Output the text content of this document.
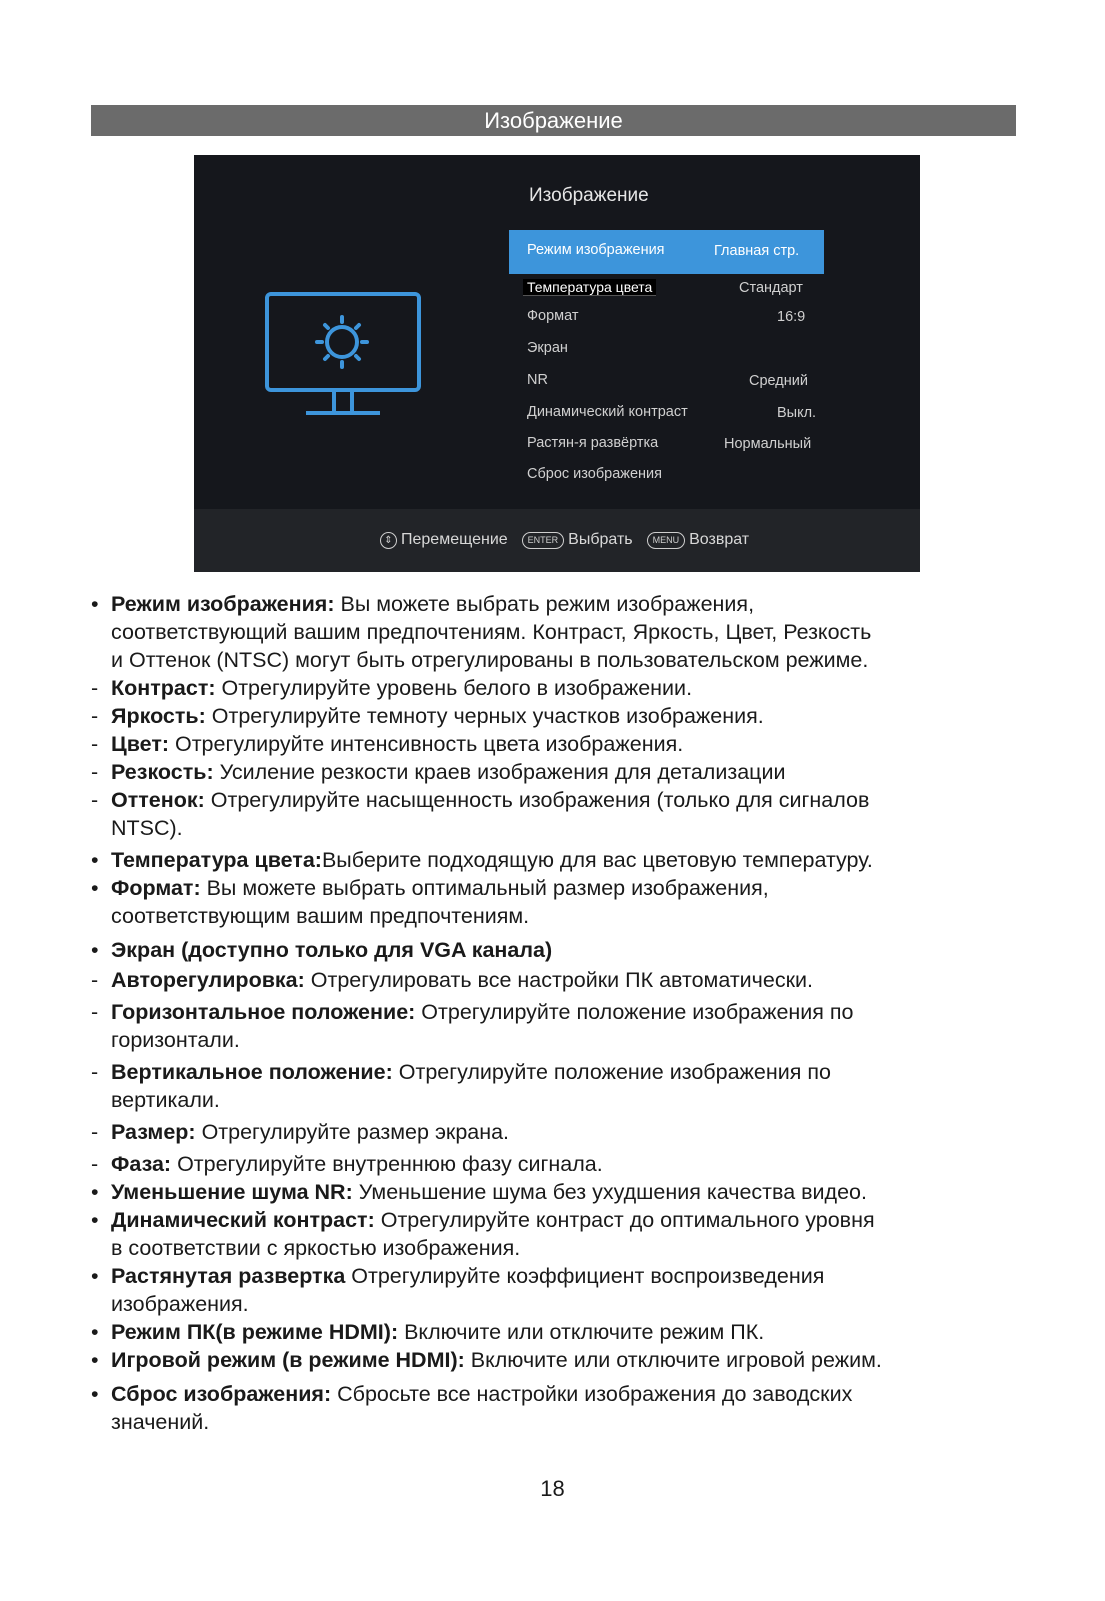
Изображение
Изображение
Режим изображения	Главная стр.
Температура цвета	Стандарт
Формат	16:9
Экран
NR	Средний
Динамический контраст	Выкл.
Растян-я развёртка	Нормальный
Сброс изображения
⇕ Перемещение	ENTER Выбрать	MENU Возврат
• Режим изображения: Вы можете выбрать режим изображения,
соответствующий вашим предпочтениям. Контраст, Яркость, Цвет, Резкость
и Оттенок (NTSC) могут быть отрегулированы в пользовательском режиме.
- Контраст: Отрегулируйте уровень белого в изображении.
- Яркость: Отрегулируйте темноту черных участков изображения.
- Цвет: Отрегулируйте интенсивность цвета изображения.
- Резкость: Усиление резкости краев изображения для детализации
- Оттенок: Отрегулируйте насыщенность изображения (только для сигналов
NTSC).
• Температура цвета:Выберите подходящую для вас цветовую температуру.
• Формат: Вы можете выбрать оптимальный размер изображения,
соответствующим вашим предпочтениям.
• Экран (доступно только для VGA канала)
- Авторегулировка: Отрегулировать все настройки ПК автоматически.
- Горизонтальное положение: Отрегулируйте положение изображения по
горизонтали.
- Вертикальное положение: Отрегулируйте положение изображения по
вертикали.
- Размер: Отрегулируйте размер экрана.
- Фаза: Отрегулируйте внутреннюю фазу сигнала.
• Уменьшение шума NR: Уменьшение шума без ухудшения качества видео.
• Динамический контраст: Отрегулируйте контраст до оптимального уровня
в соответствии с яркостью изображения.
• Растянутая развертка Отрегулируйте коэффициент воспроизведения
изображения.
• Режим ПК(в режиме HDMI): Включите или отключите режим ПК.
• Игровой режим (в режиме HDMI): Включите или отключите игровой режим.
• Сброс изображения: Сбросьте все настройки изображения до заводских
значений.
18
